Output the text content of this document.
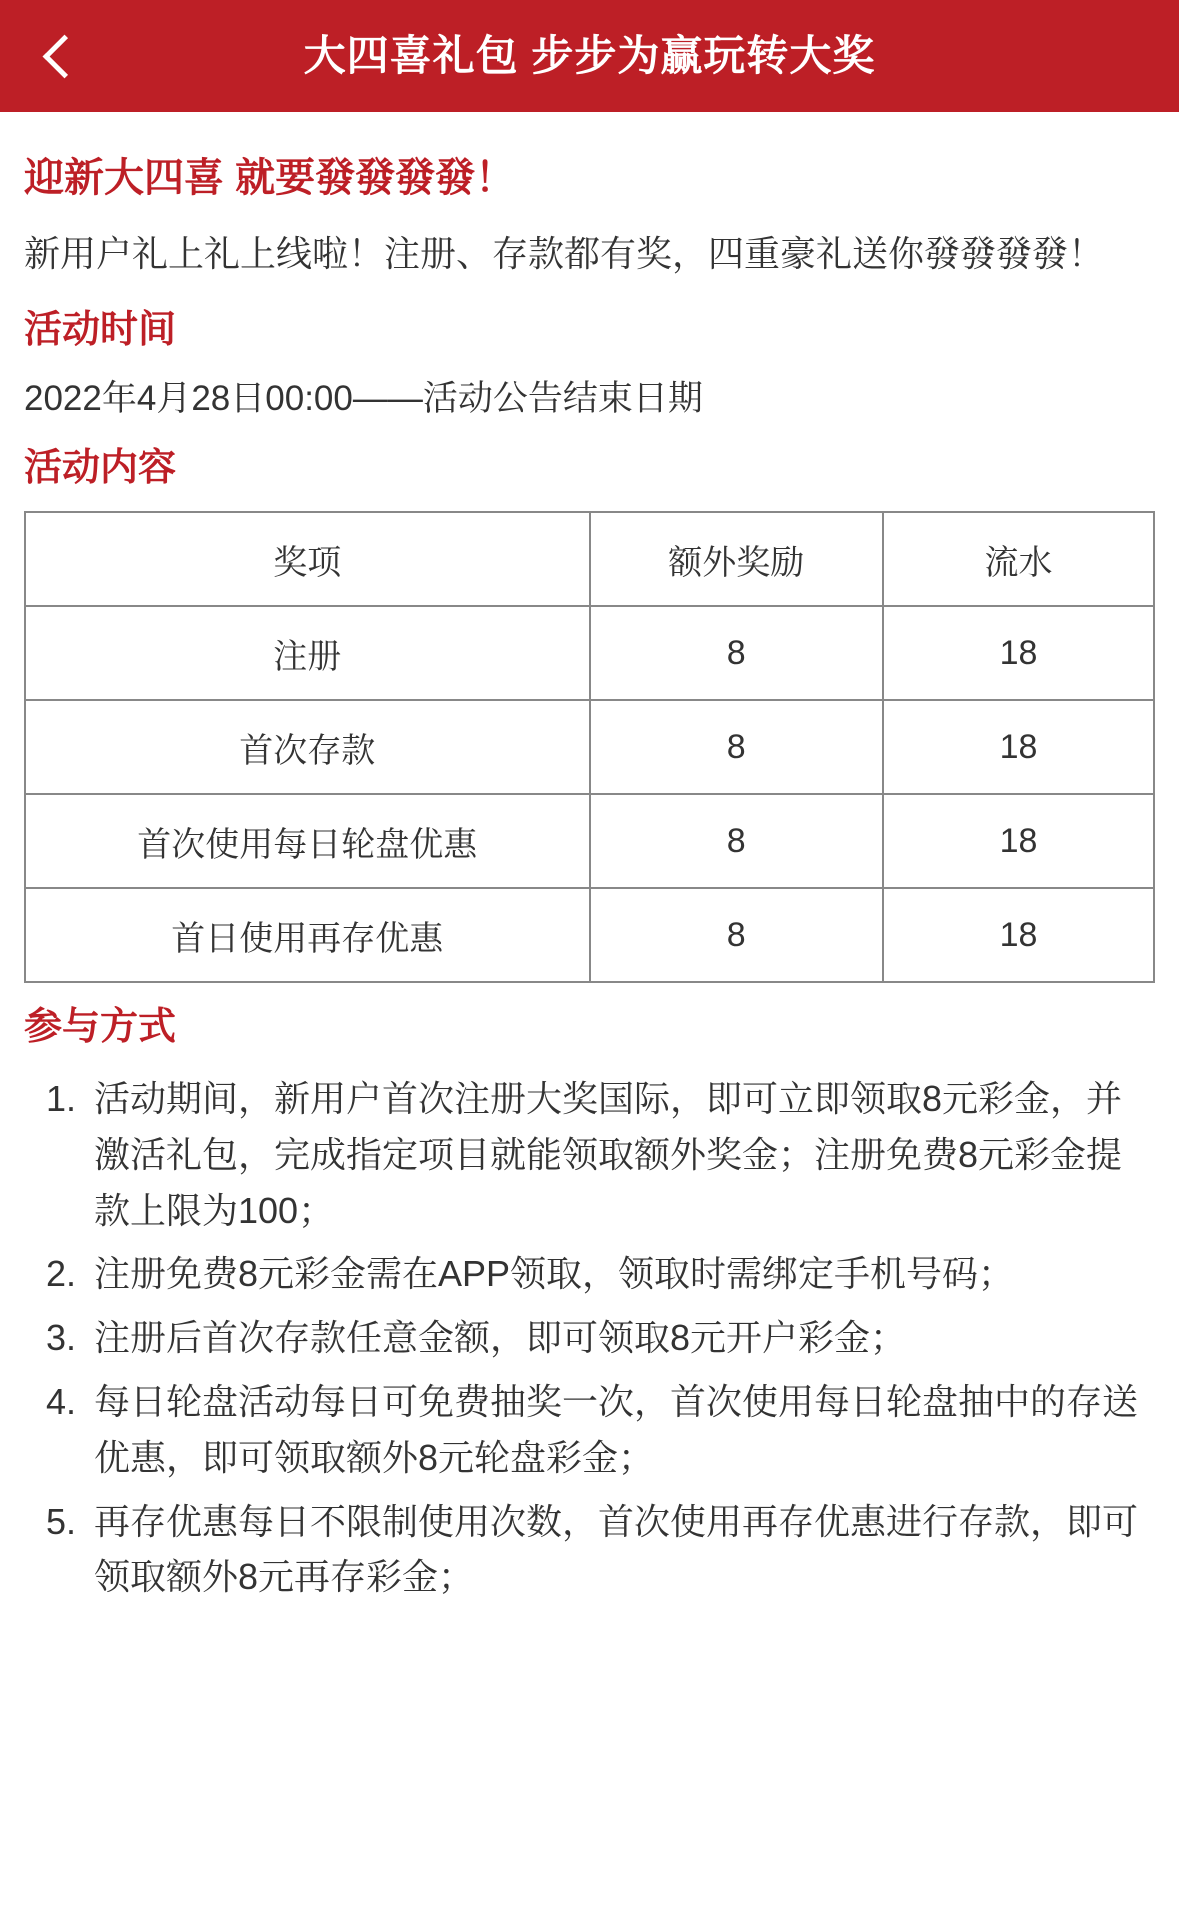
大四喜礼包 步步为赢玩转大奖
迎新大四喜 就要發發發發！

新用户礼上礼上线啦！注册、存款都有奖，四重豪礼送你發發發發！

活动时间

2022年4月28日00:00——活动公告结束日期

活动内容
奖项	额外奖励	流水
注册	8	18
首次存款	8	18
首次使用每日轮盘优惠	8	18
首日使用再存优惠	8	18
参与方式
1. 活动期间，新用户首次注册大奖国际，即可立即领取8元彩金，并激活礼包，完成指定项目就能领取额外奖金；注册免费8元彩金提款上限为100；
2. 注册免费8元彩金需在APP领取，领取时需绑定手机号码；
3. 注册后首次存款任意金额，即可领取8元开户彩金；
4. 每日轮盘活动每日可免费抽奖一次，首次使用每日轮盘抽中的存送优惠，即可领取额外8元轮盘彩金；
5. 再存优惠每日不限制使用次数，首次使用再存优惠进行存款，即可领取额外8元再存彩金；
